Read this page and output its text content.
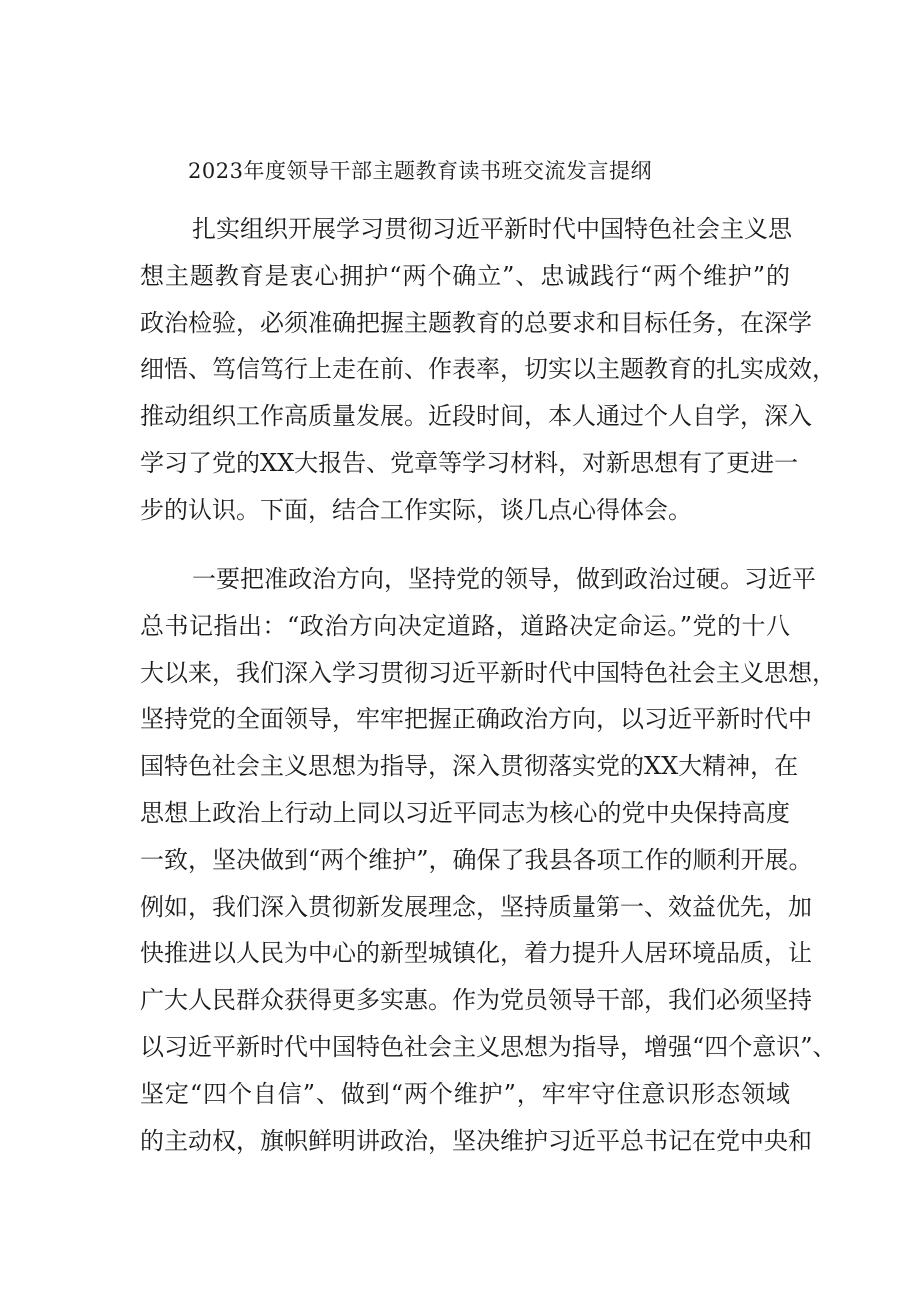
2023年度领导干部主题教育读书班交流发言提纲
扎实组织开展学习贯彻习近平新时代中国特色社会主义思
想主题教育是衷心拥护“两个确立”、忠诚践行“两个维护”的
政治检验，必须准确把握主题教育的总要求和目标任务，在深学
细悟、笃信笃行上走在前、作表率，切实以主题教育的扎实成效，
推动组织工作高质量发展。近段时间，本人通过个人自学，深入
学习了党的XX大报告、党章等学习材料，对新思想有了更进一
步的认识。下面，结合工作实际，谈几点心得体会。
一要把准政治方向，坚持党的领导，做到政治过硬。习近平
总书记指出：“政治方向决定道路，道路决定命运。”党的十八
大以来，我们深入学习贯彻习近平新时代中国特色社会主义思想，
坚持党的全面领导，牢牢把握正确政治方向，以习近平新时代中
国特色社会主义思想为指导，深入贯彻落实党的XX大精神，在
思想上政治上行动上同以习近平同志为核心的党中央保持高度
一致，坚决做到“两个维护”，确保了我县各项工作的顺利开展。
例如，我们深入贯彻新发展理念，坚持质量第一、效益优先，加
快推进以人民为中心的新型城镇化，着力提升人居环境品质，让
广大人民群众获得更多实惠。作为党员领导干部，我们必须坚持
以习近平新时代中国特色社会主义思想为指导，增强“四个意识”、
坚定“四个自信”、做到“两个维护”，牢牢守住意识形态领域
的主动权，旗帜鲜明讲政治，坚决维护习近平总书记在党中央和
